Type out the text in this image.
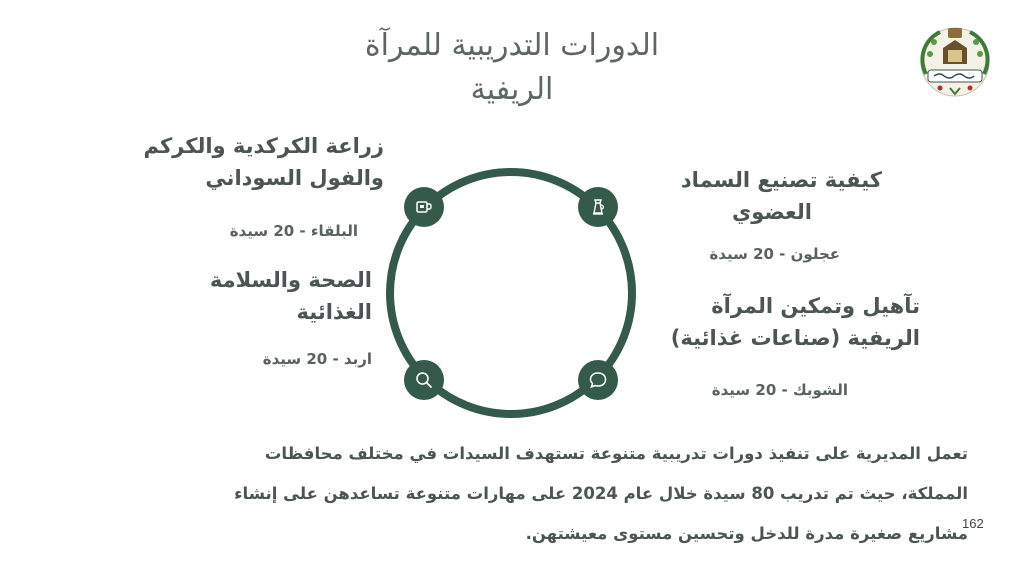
الدورات التدريبية للمرآة
الريفية
كيفية تصنيع السماد
العضوي
عجلون - 20 سيدة
تآهيل وتمكين المرآة
الريفية (صناعات غذائية)
الشوبك - 20 سيدة
زراعة الكركدية والكركم
والفول السوداني
البلقاء - 20 سيدة
الصحة والسلامة
الغذائية
اربد - 20 سيدة
تعمل المديرية على تنفيذ دورات تدريبية متنوعة تستهدف السيدات في مختلف محافظات
المملكة، حيث تم تدريب 80 سيدة خلال عام 2024 على مهارات متنوعة تساعدهن على إنشاء
مشاريع صغيرة مدرة للدخل وتحسين مستوى معيشتهن.
162
